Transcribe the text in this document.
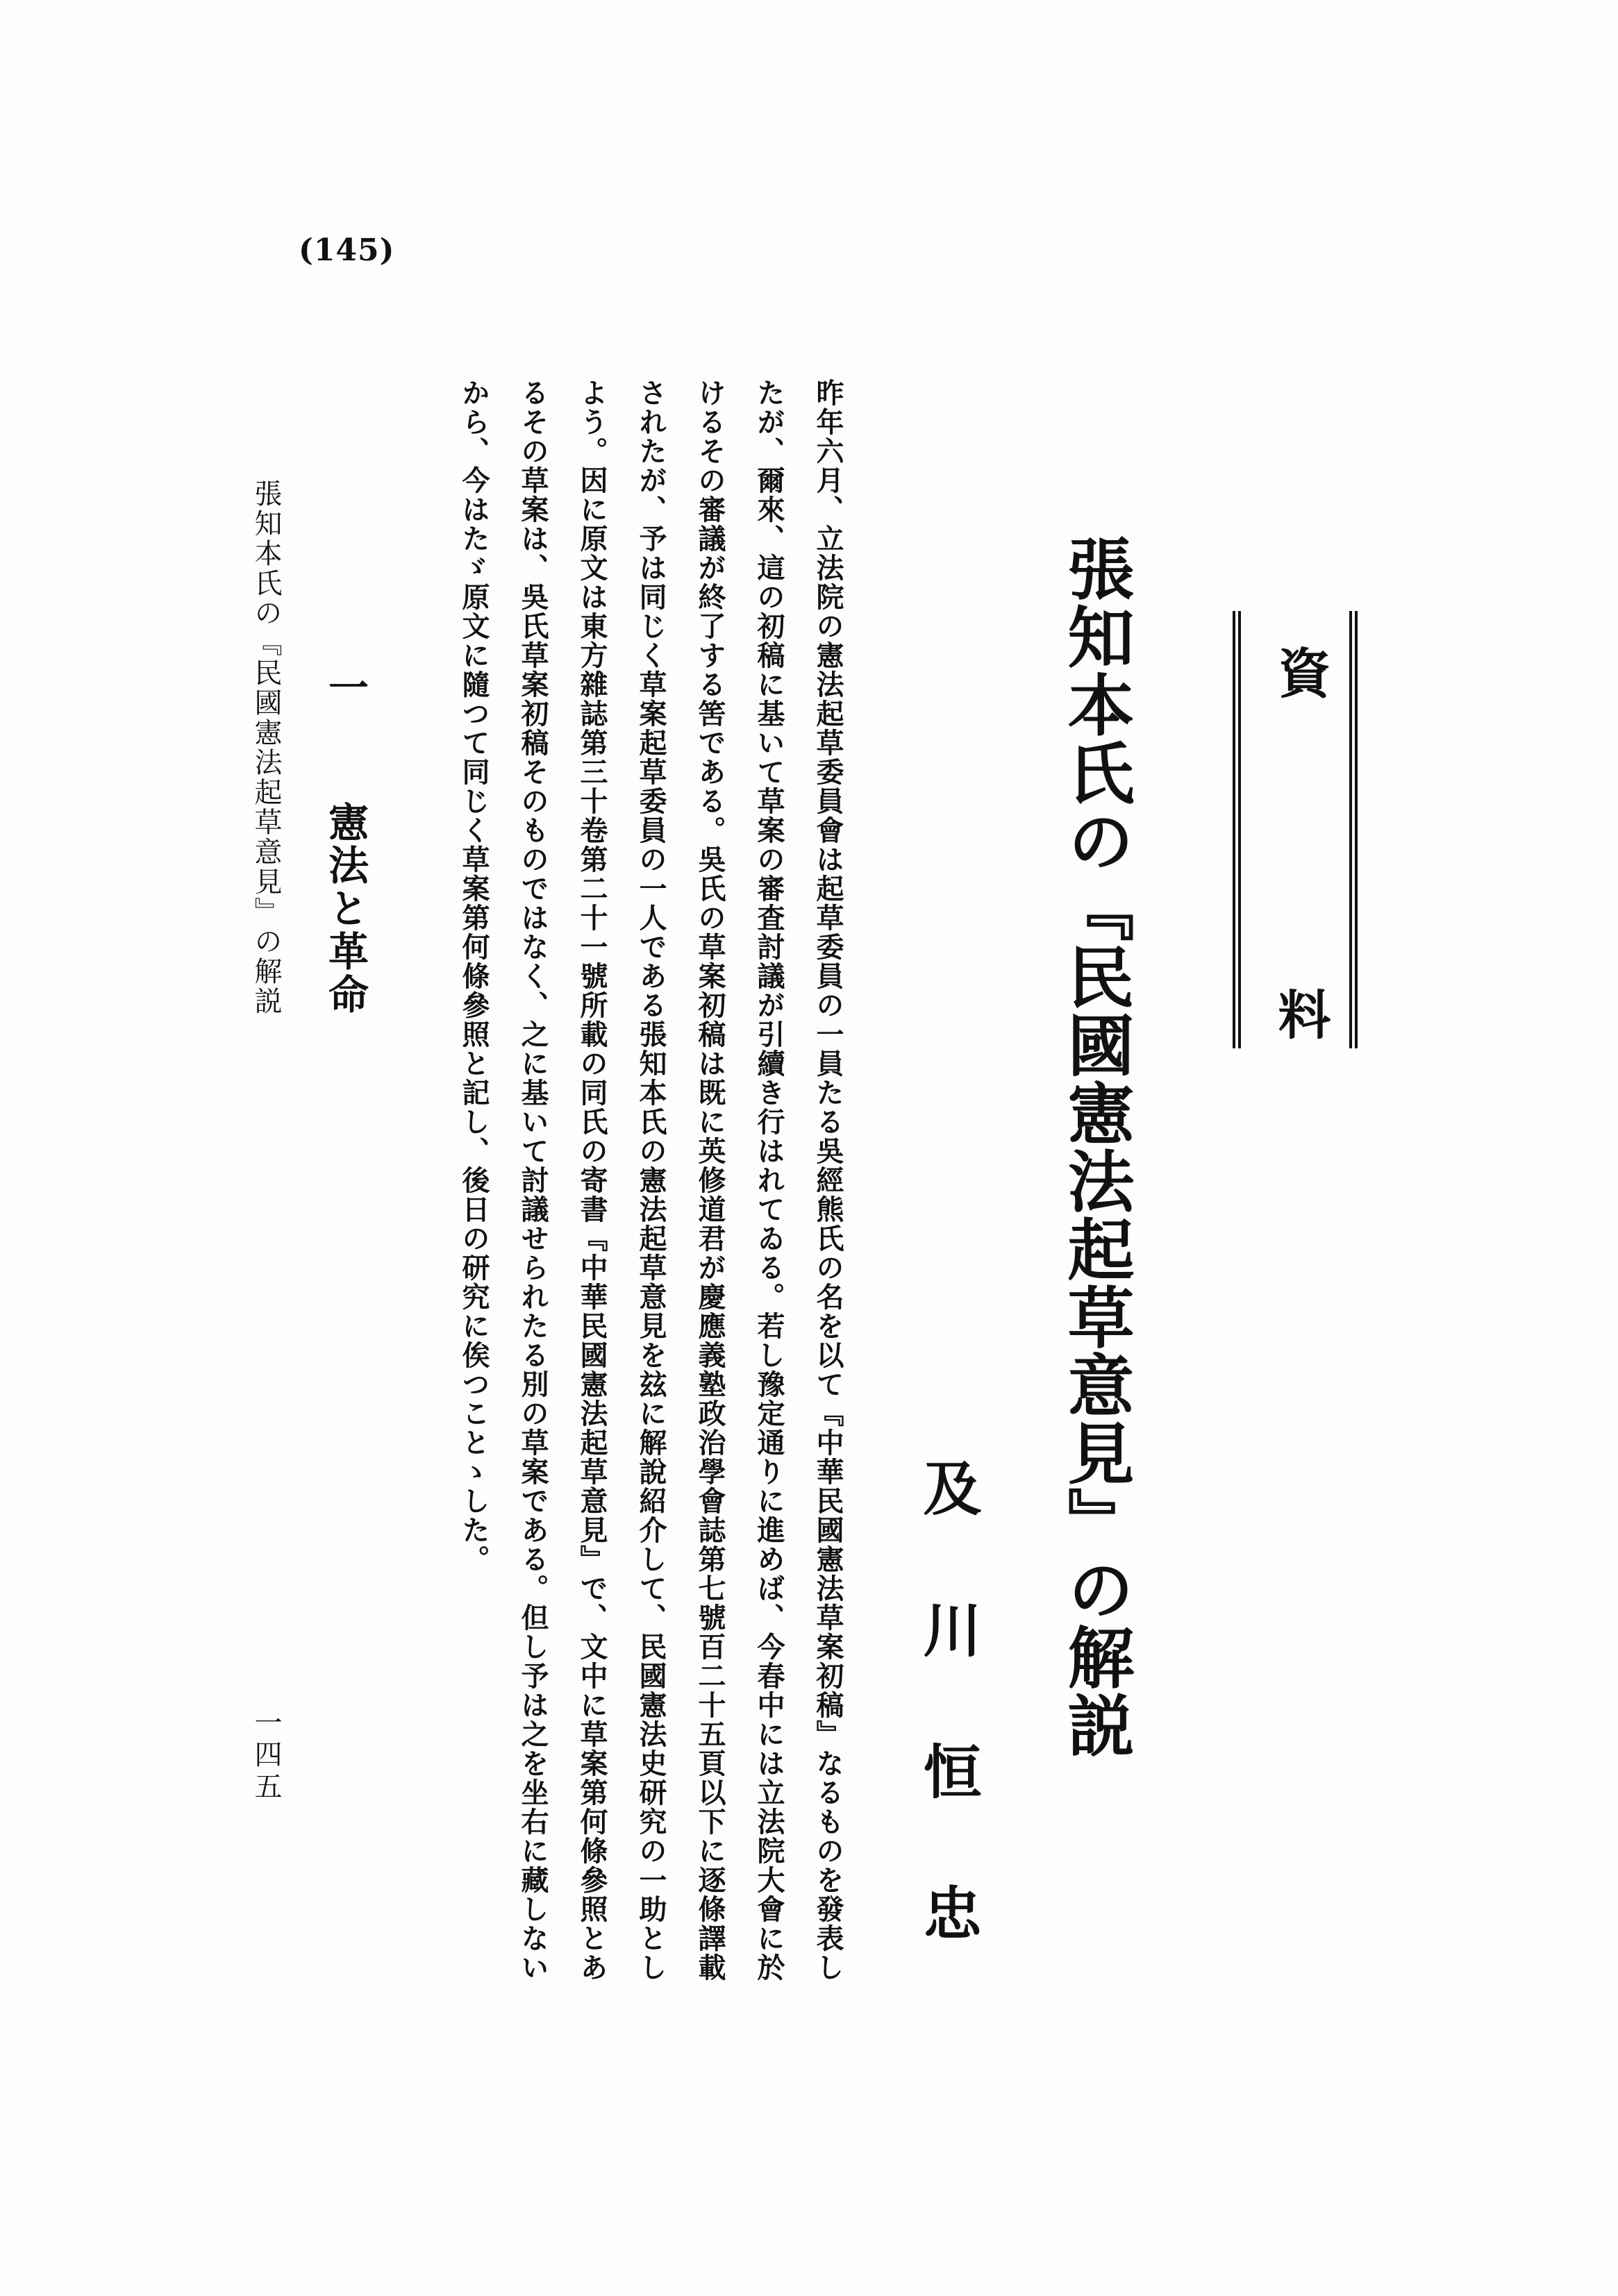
(145)
資　料
張知本氏の『民國憲法起草意見』の解説
及川恒忠

昨年六月、立法院の憲法起草委員會は起草委員の一員たる吳經熊氏の名を以て『中華民國憲法草案初稿』なるものを發表したが、爾來、這の初稿に基いて草案の審査討議が引續き行はれてゐる。若し豫定通りに進めば、今春中には立法院大會に於けるその審議が終了する筈である。吳氏の草案初稿は既に英修道君が慶應義塾政治學會誌第七號百二十五頁以下に逐條譯載されたが、予は同じく草案起草委員の一人である張知本氏の憲法起草意見を玆に解說紹介して、民國憲法史研究の一助としよう。因に原文は東方雜誌第三十卷第二十一號所載の同氏の寄書『中華民國憲法起草意見』で、文中に草案第何條參照とあるその草案は、吳氏草案初稿そのものではなく、之に基いて討議せられたる別の草案である。但し予は之を坐右に藏しないから、今はたゞ原文に隨つて同じく草案第何條參照と記し、後日の研究に俟つことゝした。

一 憲法と革命
張知本氏の『民國憲法起草意見』の解説
一四五
